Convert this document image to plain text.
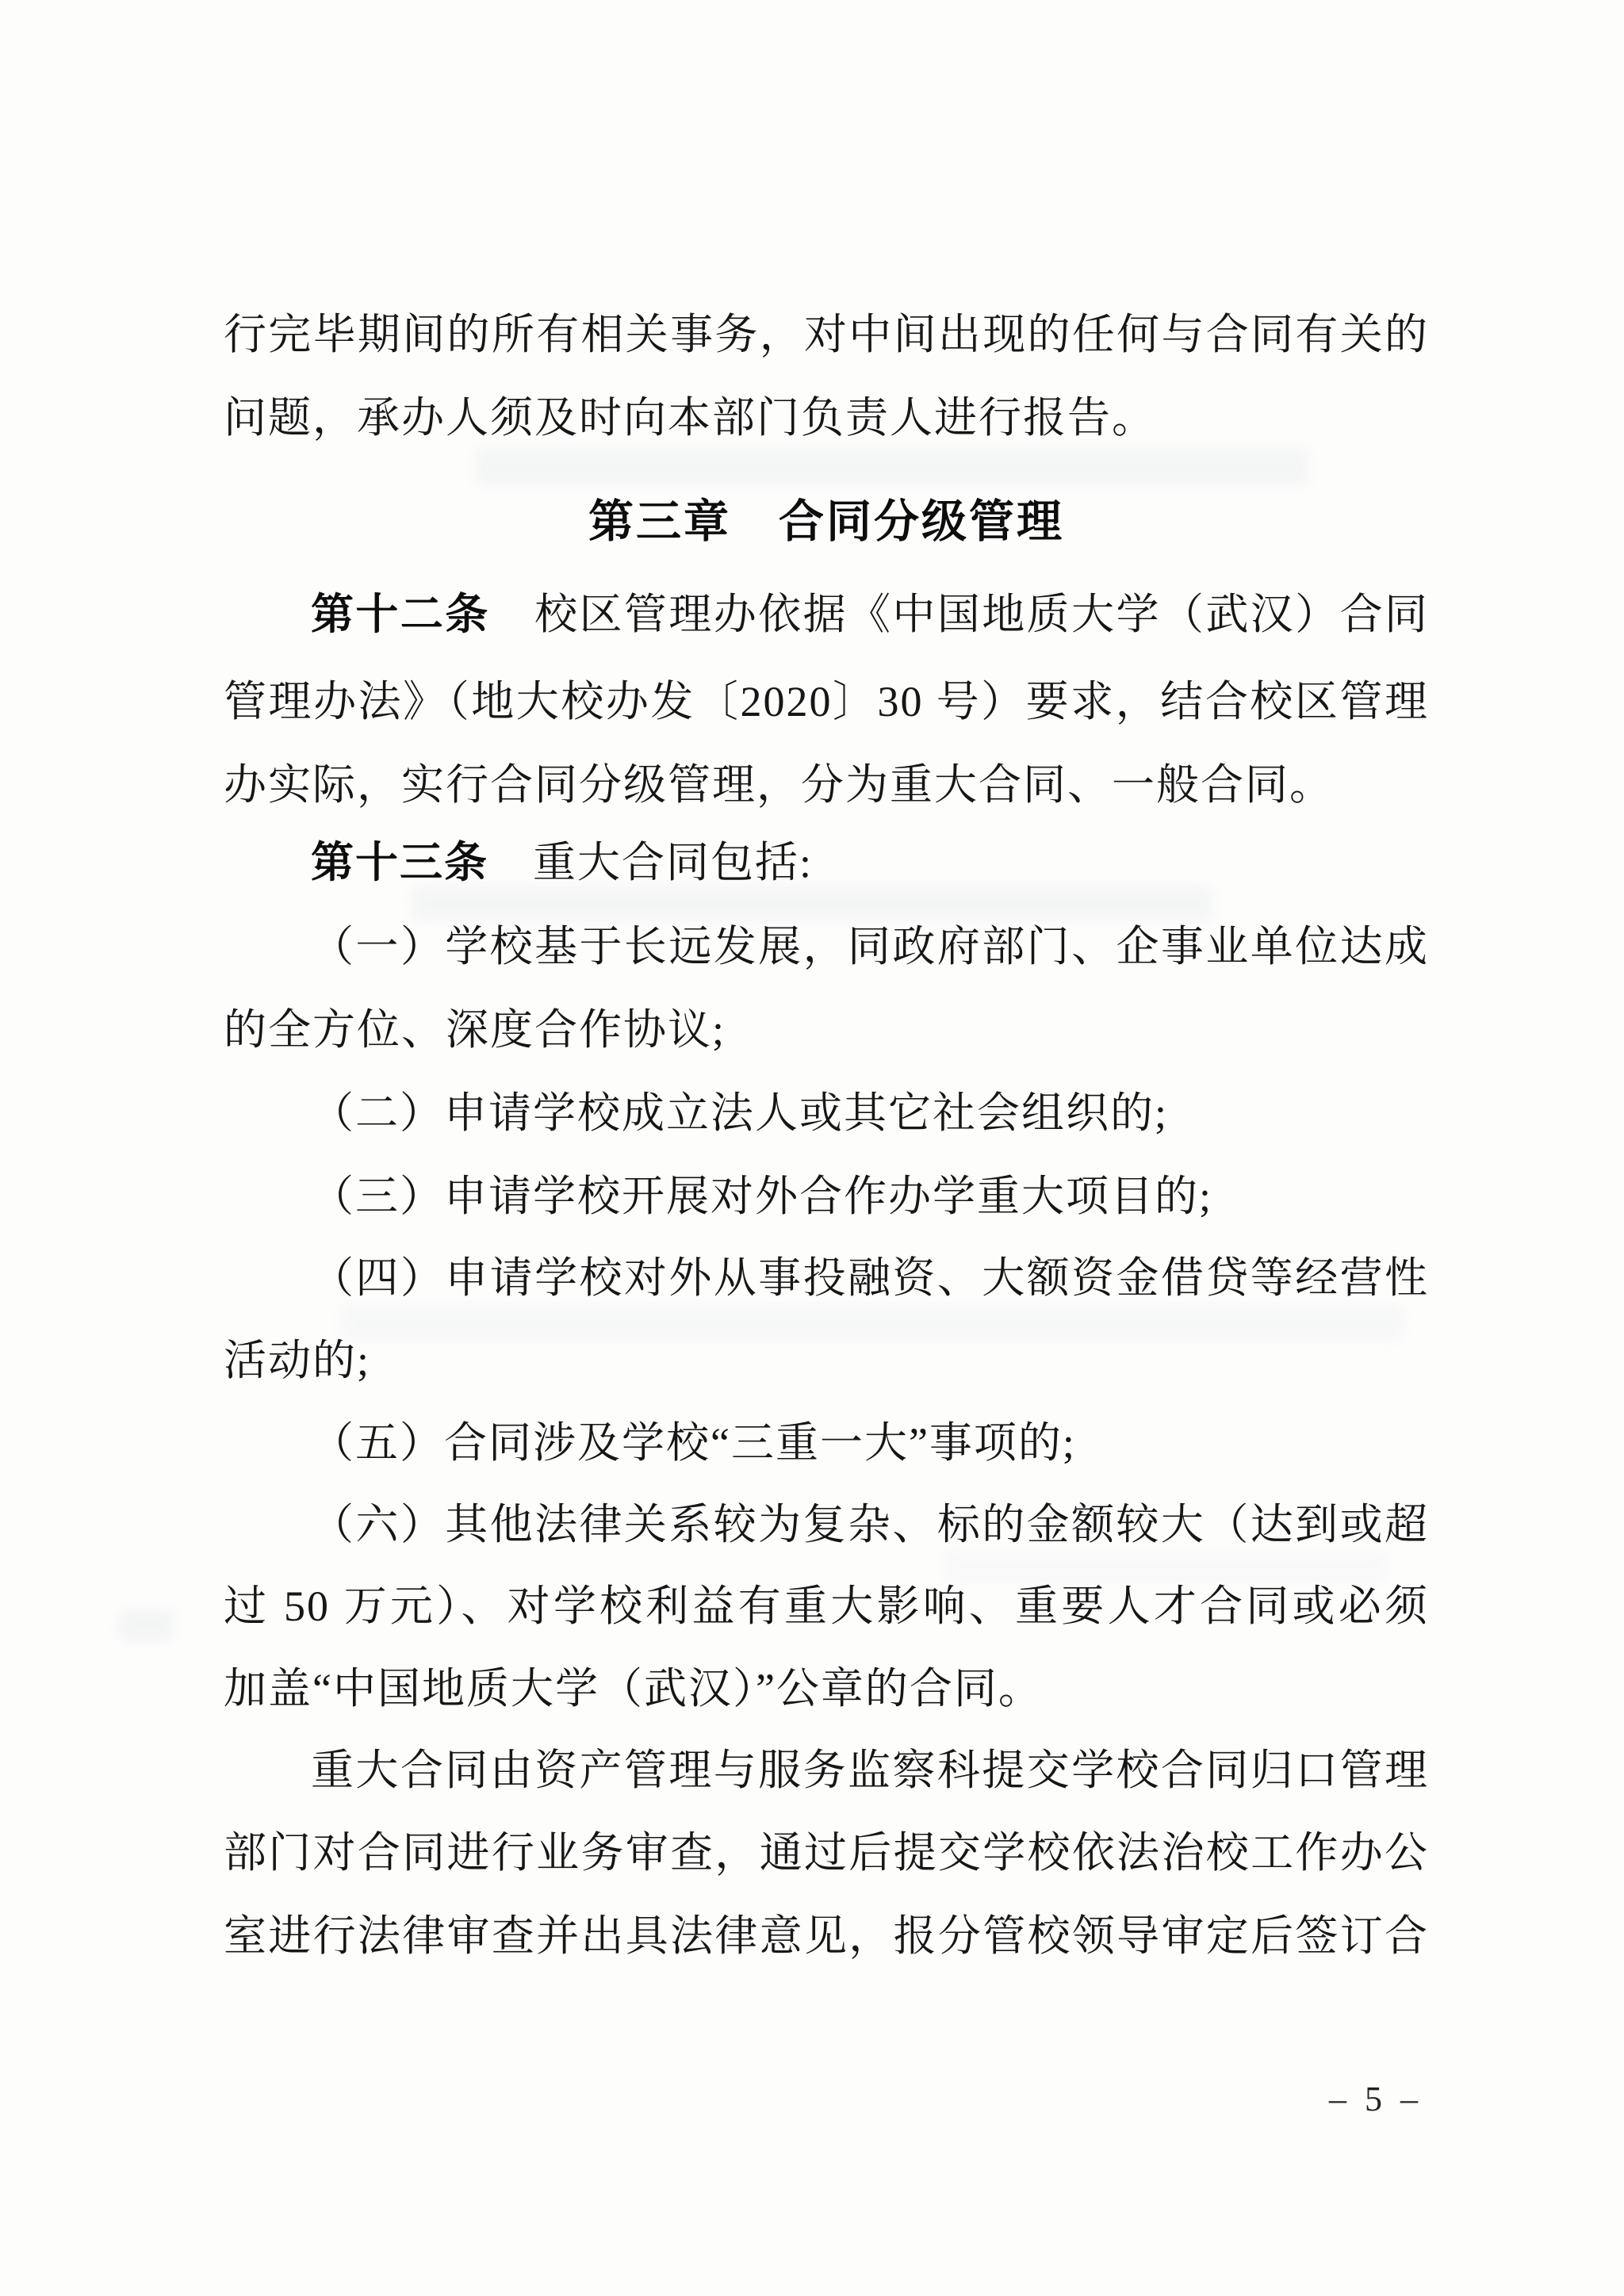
行完毕期间的所有相关事务，对中间出现的任何与合同有关的
问题，承办人须及时向本部门负责人进行报告。
第三章　合同分级管理
第十二条　校区管理办依据《中国地质大学（武汉）合同
管理办法》（地大校办发〔2020〕30 号）要求，结合校区管理
办实际，实行合同分级管理，分为重大合同、一般合同。
第十三条　重大合同包括:
（一）学校基于长远发展，同政府部门、企事业单位达成
的全方位、深度合作协议;
（二）申请学校成立法人或其它社会组织的;
（三）申请学校开展对外合作办学重大项目的;
（四）申请学校对外从事投融资、大额资金借贷等经营性
活动的;
（五）合同涉及学校“三重一大”事项的;
（六）其他法律关系较为复杂、标的金额较大（达到或超
过 50 万元）、对学校利益有重大影响、重要人才合同或必须
加盖“中国地质大学（武汉）”公章的合同。
重大合同由资产管理与服务监察科提交学校合同归口管理
部门对合同进行业务审查，通过后提交学校依法治校工作办公
室进行法律审查并出具法律意见，报分管校领导审定后签订合
– 5 –
